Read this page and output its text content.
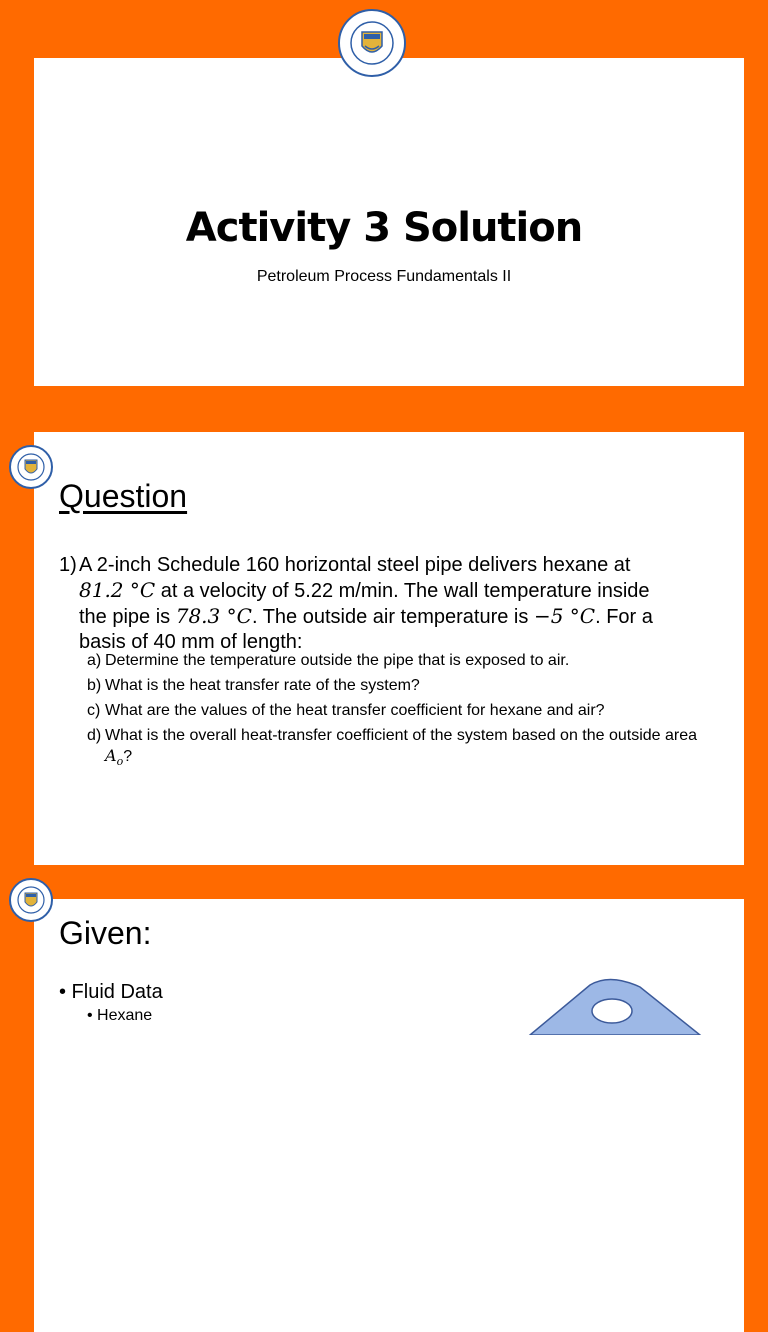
Activity 3 Solution
Petroleum Process Fundamentals II
Question
1) A 2-inch Schedule 160 horizontal steel pipe delivers hexane at
81.2 °C at a velocity of 5.22 m/min. The wall temperature inside
the pipe is 78.3 °C. The outside air temperature is −5 °C. For a
basis of 40 mm of length:
a) Determine the temperature outside the pipe that is exposed to air.
b) What is the heat transfer rate of the system?
c) What are the values of the heat transfer coefficient for hexane and air?
d) What is the overall heat-transfer coefficient of the system based on the outside area $A_o$?
Given:
• Fluid Data
• Hexane
